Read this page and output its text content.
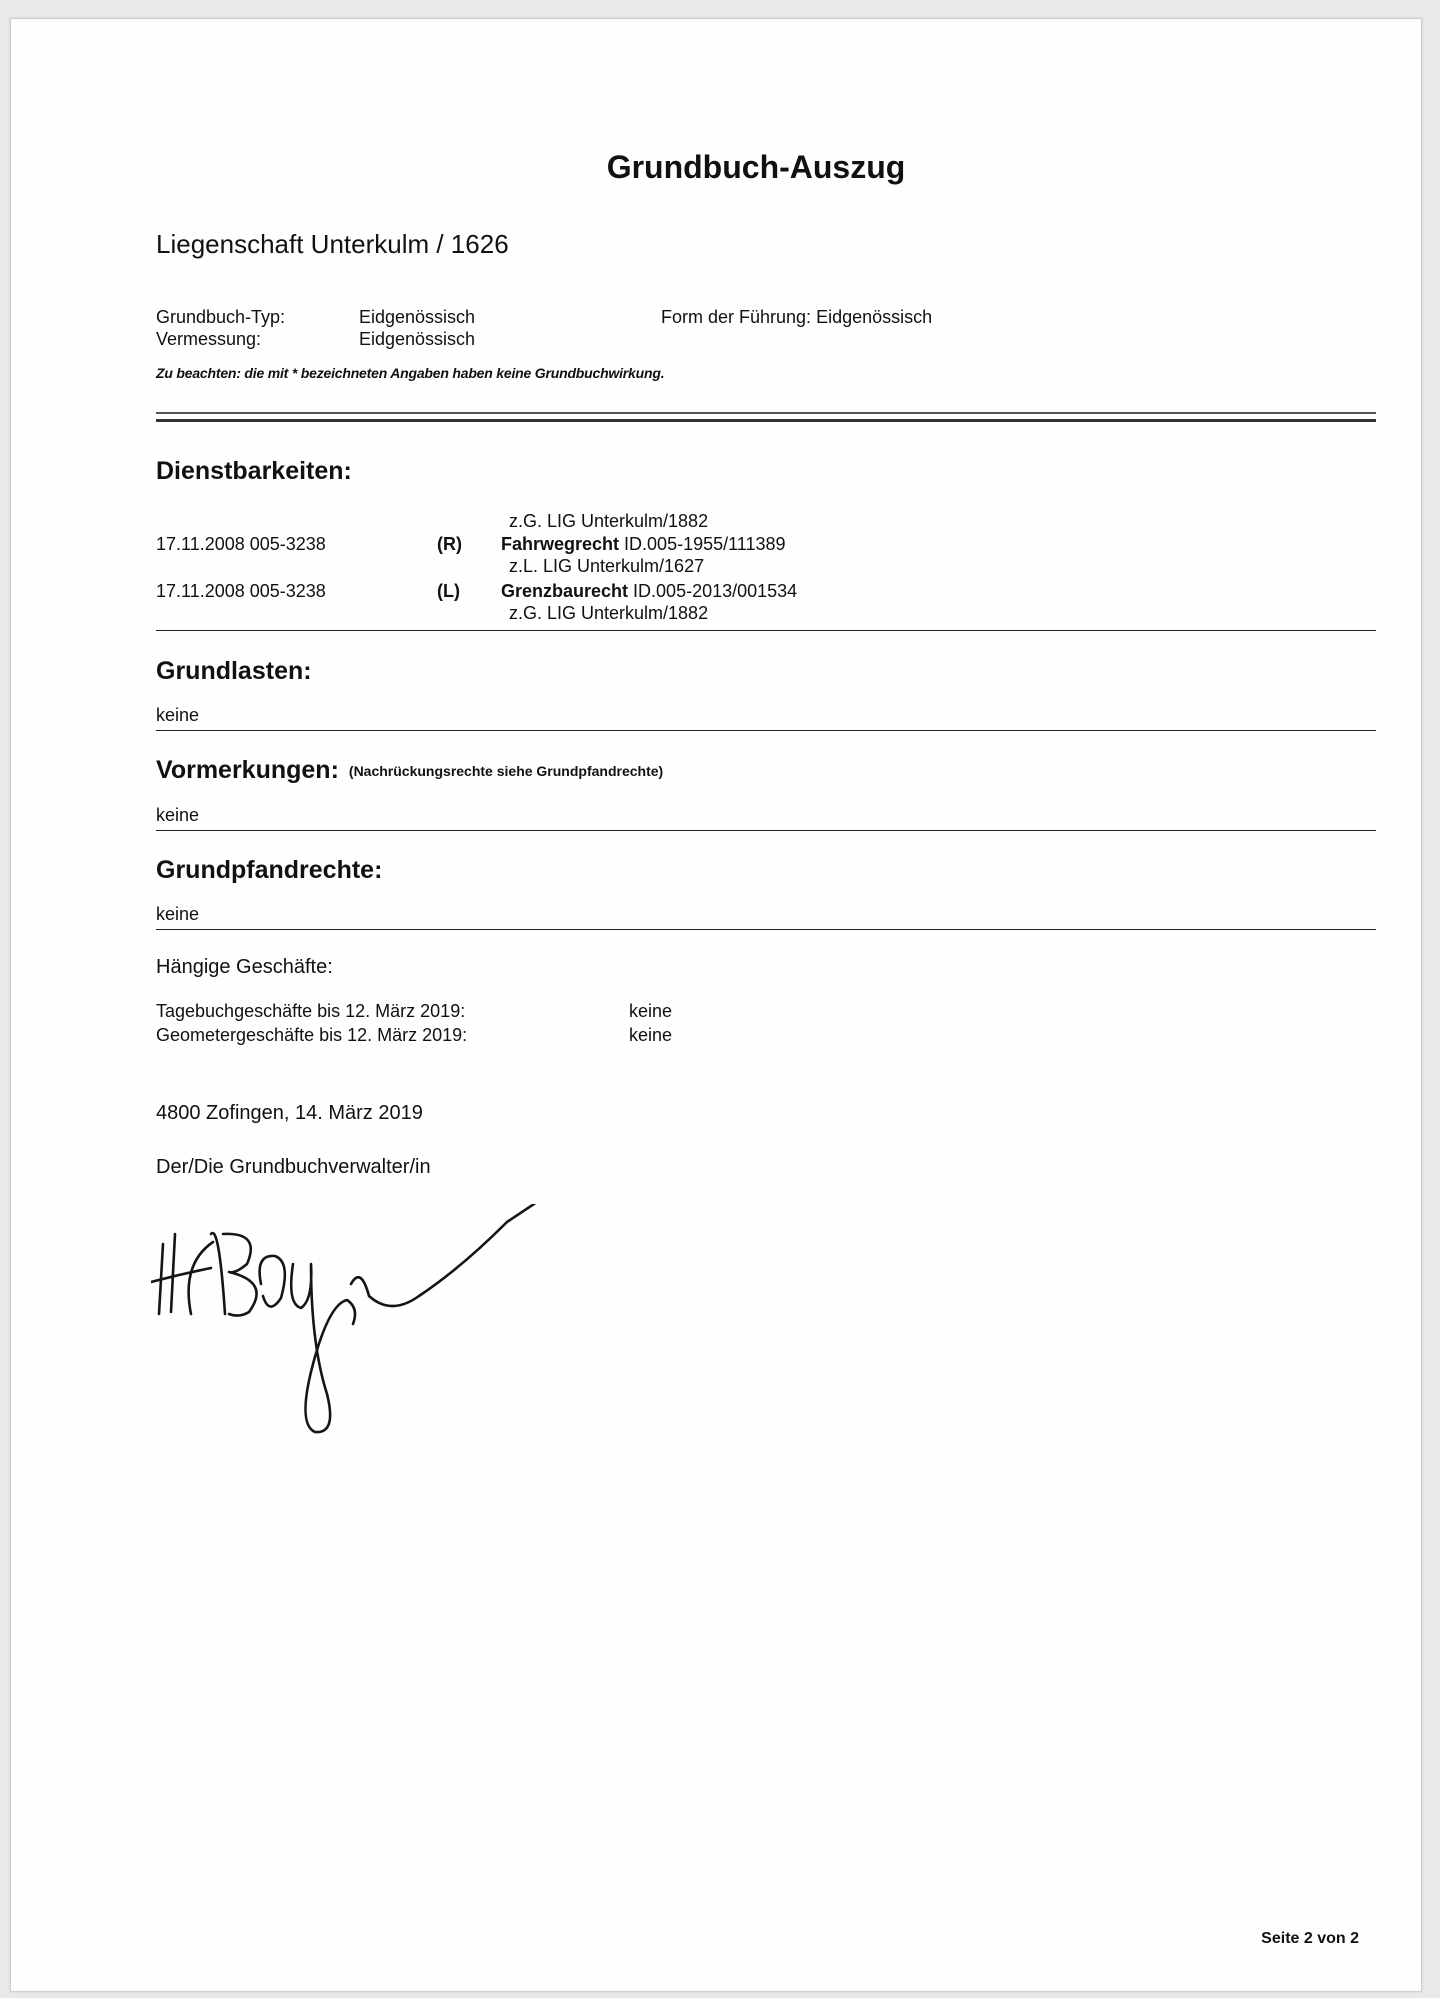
Grundbuch-Auszug
Liegenschaft Unterkulm / 1626
Grundbuch-Typ:	Eidgenössisch
Vermessung:	Eidgenössisch
Form der Führung: Eidgenössisch
Zu beachten: die mit * bezeichneten Angaben haben keine Grundbuchwirkung.
Dienstbarkeiten:
z.G. LIG Unterkulm/1882
17.11.2008 005-3238	(R) Fahrwegrecht ID.005-1955/111389
z.L. LIG Unterkulm/1627
17.11.2008 005-3238	(L) Grenzbaurecht ID.005-2013/001534
z.G. LIG Unterkulm/1882
Grundlasten:
keine
Vormerkungen: (Nachrückungsrechte siehe Grundpfandrechte)
keine
Grundpfandrechte:
keine
Hängige Geschäfte:
Tagebuchgeschäfte bis 12. März 2019:	keine
Geometergeschäfte bis 12. März 2019:	keine
4800 Zofingen, 14. März 2019
Der/Die Grundbuchverwalter/in
Seite 2 von 2
